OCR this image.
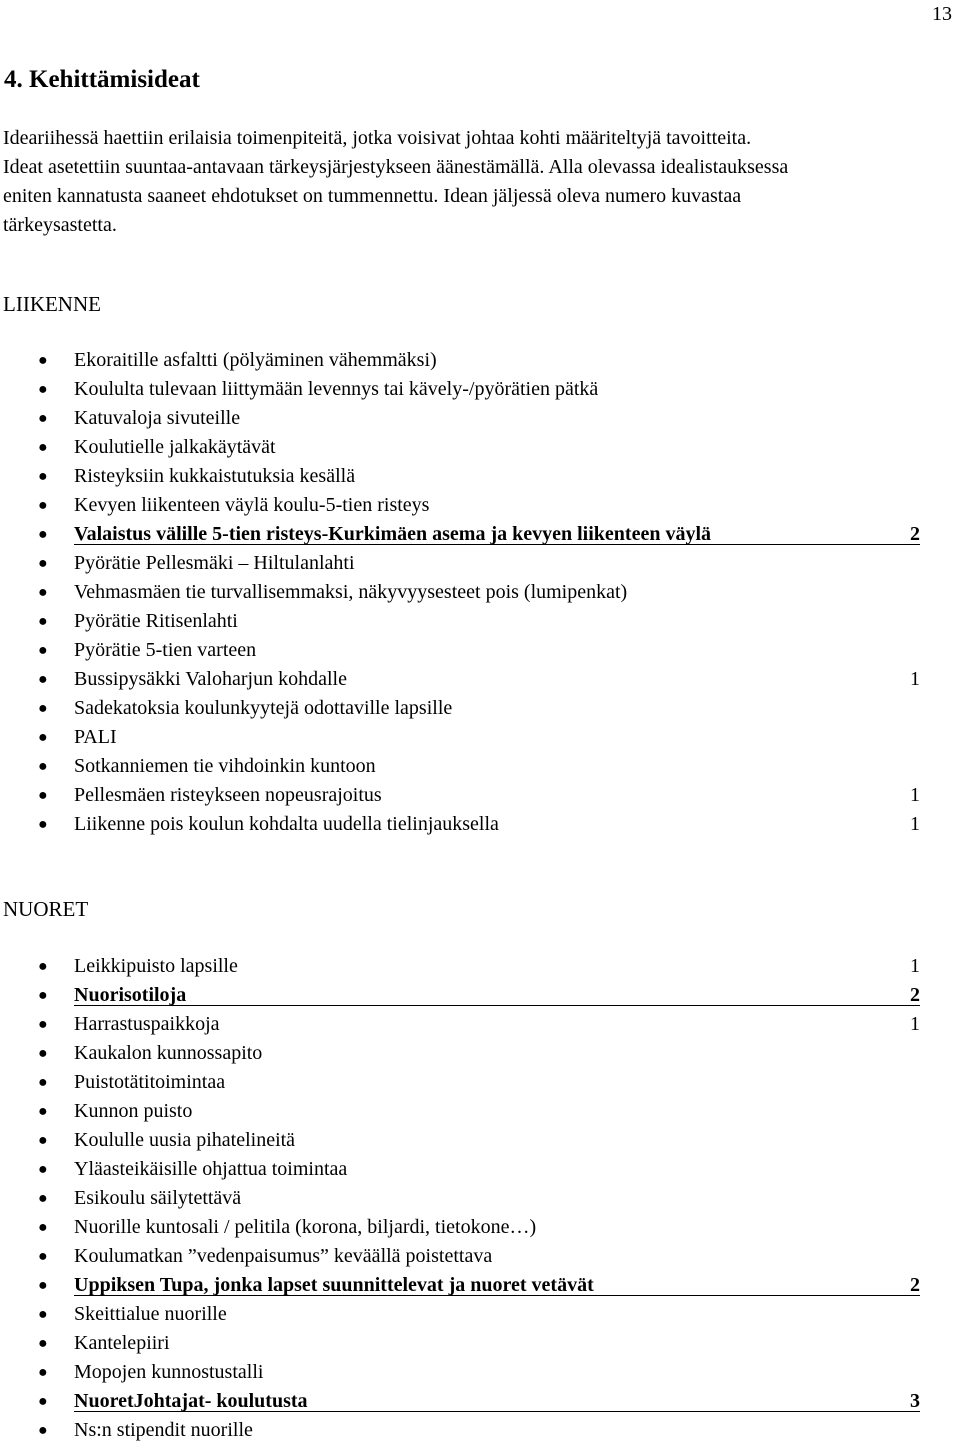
13
4. Kehittämisideat

Ideariihessä haettiin erilaisia toimenpiteitä, jotka voisivat johtaa kohti määriteltyjä tavoitteita.
Ideat asetettiin suuntaa-antavaan tärkeysjärjestykseen äänestämällä. Alla olevassa idealistauksessa
eniten kannatusta saaneet ehdotukset on tummennettu. Idean jäljessä oleva numero kuvastaa
tärkeysastetta.

LIIKENNE
● Ekoraitille asfaltti (pölyäminen vähemmäksi)
● Koululta tulevaan liittymään levennys tai kävely-/pyörätien pätkä
● Katuvaloja sivuteille
● Koulutielle jalkakäytävät
● Risteyksiin kukkaistutuksia kesällä
● Kevyen liikenteen väylä koulu-5-tien risteys
● Valaistus välille 5-tien risteys-Kurkimäen asema ja kevyen liikenteen väylä	2
● Pyörätie Pellesmäki – Hiltulanlahti
● Vehmasmäen tie turvallisemmaksi, näkyvyysesteet pois (lumipenkat)
● Pyörätie Ritisenlahti
● Pyörätie 5-tien varteen
● Bussipysäkki Valoharjun kohdalle	1
● Sadekatoksia koulunkyytejä odottaville lapsille
● PALI
● Sotkanniemen tie vihdoinkin kuntoon
● Pellesmäen risteykseen nopeusrajoitus	1
● Liikenne pois koulun kohdalta uudella tielinjauksella	1
NUORET
● Leikkipuisto lapsille	1
● Nuorisotiloja	2
● Harrastuspaikkoja	1
● Kaukalon kunnossapito
● Puistotätitoimintaa
● Kunnon puisto
● Koululle uusia pihatelineitä
● Yläasteikäisille ohjattua toimintaa
● Esikoulu säilytettävä
● Nuorille kuntosali / pelitila (korona, biljardi, tietokone…)
● Koulumatkan ”vedenpaisumus” keväällä poistettava
● Uppiksen Tupa, jonka lapset suunnittelevat ja nuoret vetävät	2
● Skeittialue nuorille
● Kantelepiiri
● Mopojen kunnostustalli
● NuoretJohtajat- koulutusta	3
● Ns:n stipendit nuorille
